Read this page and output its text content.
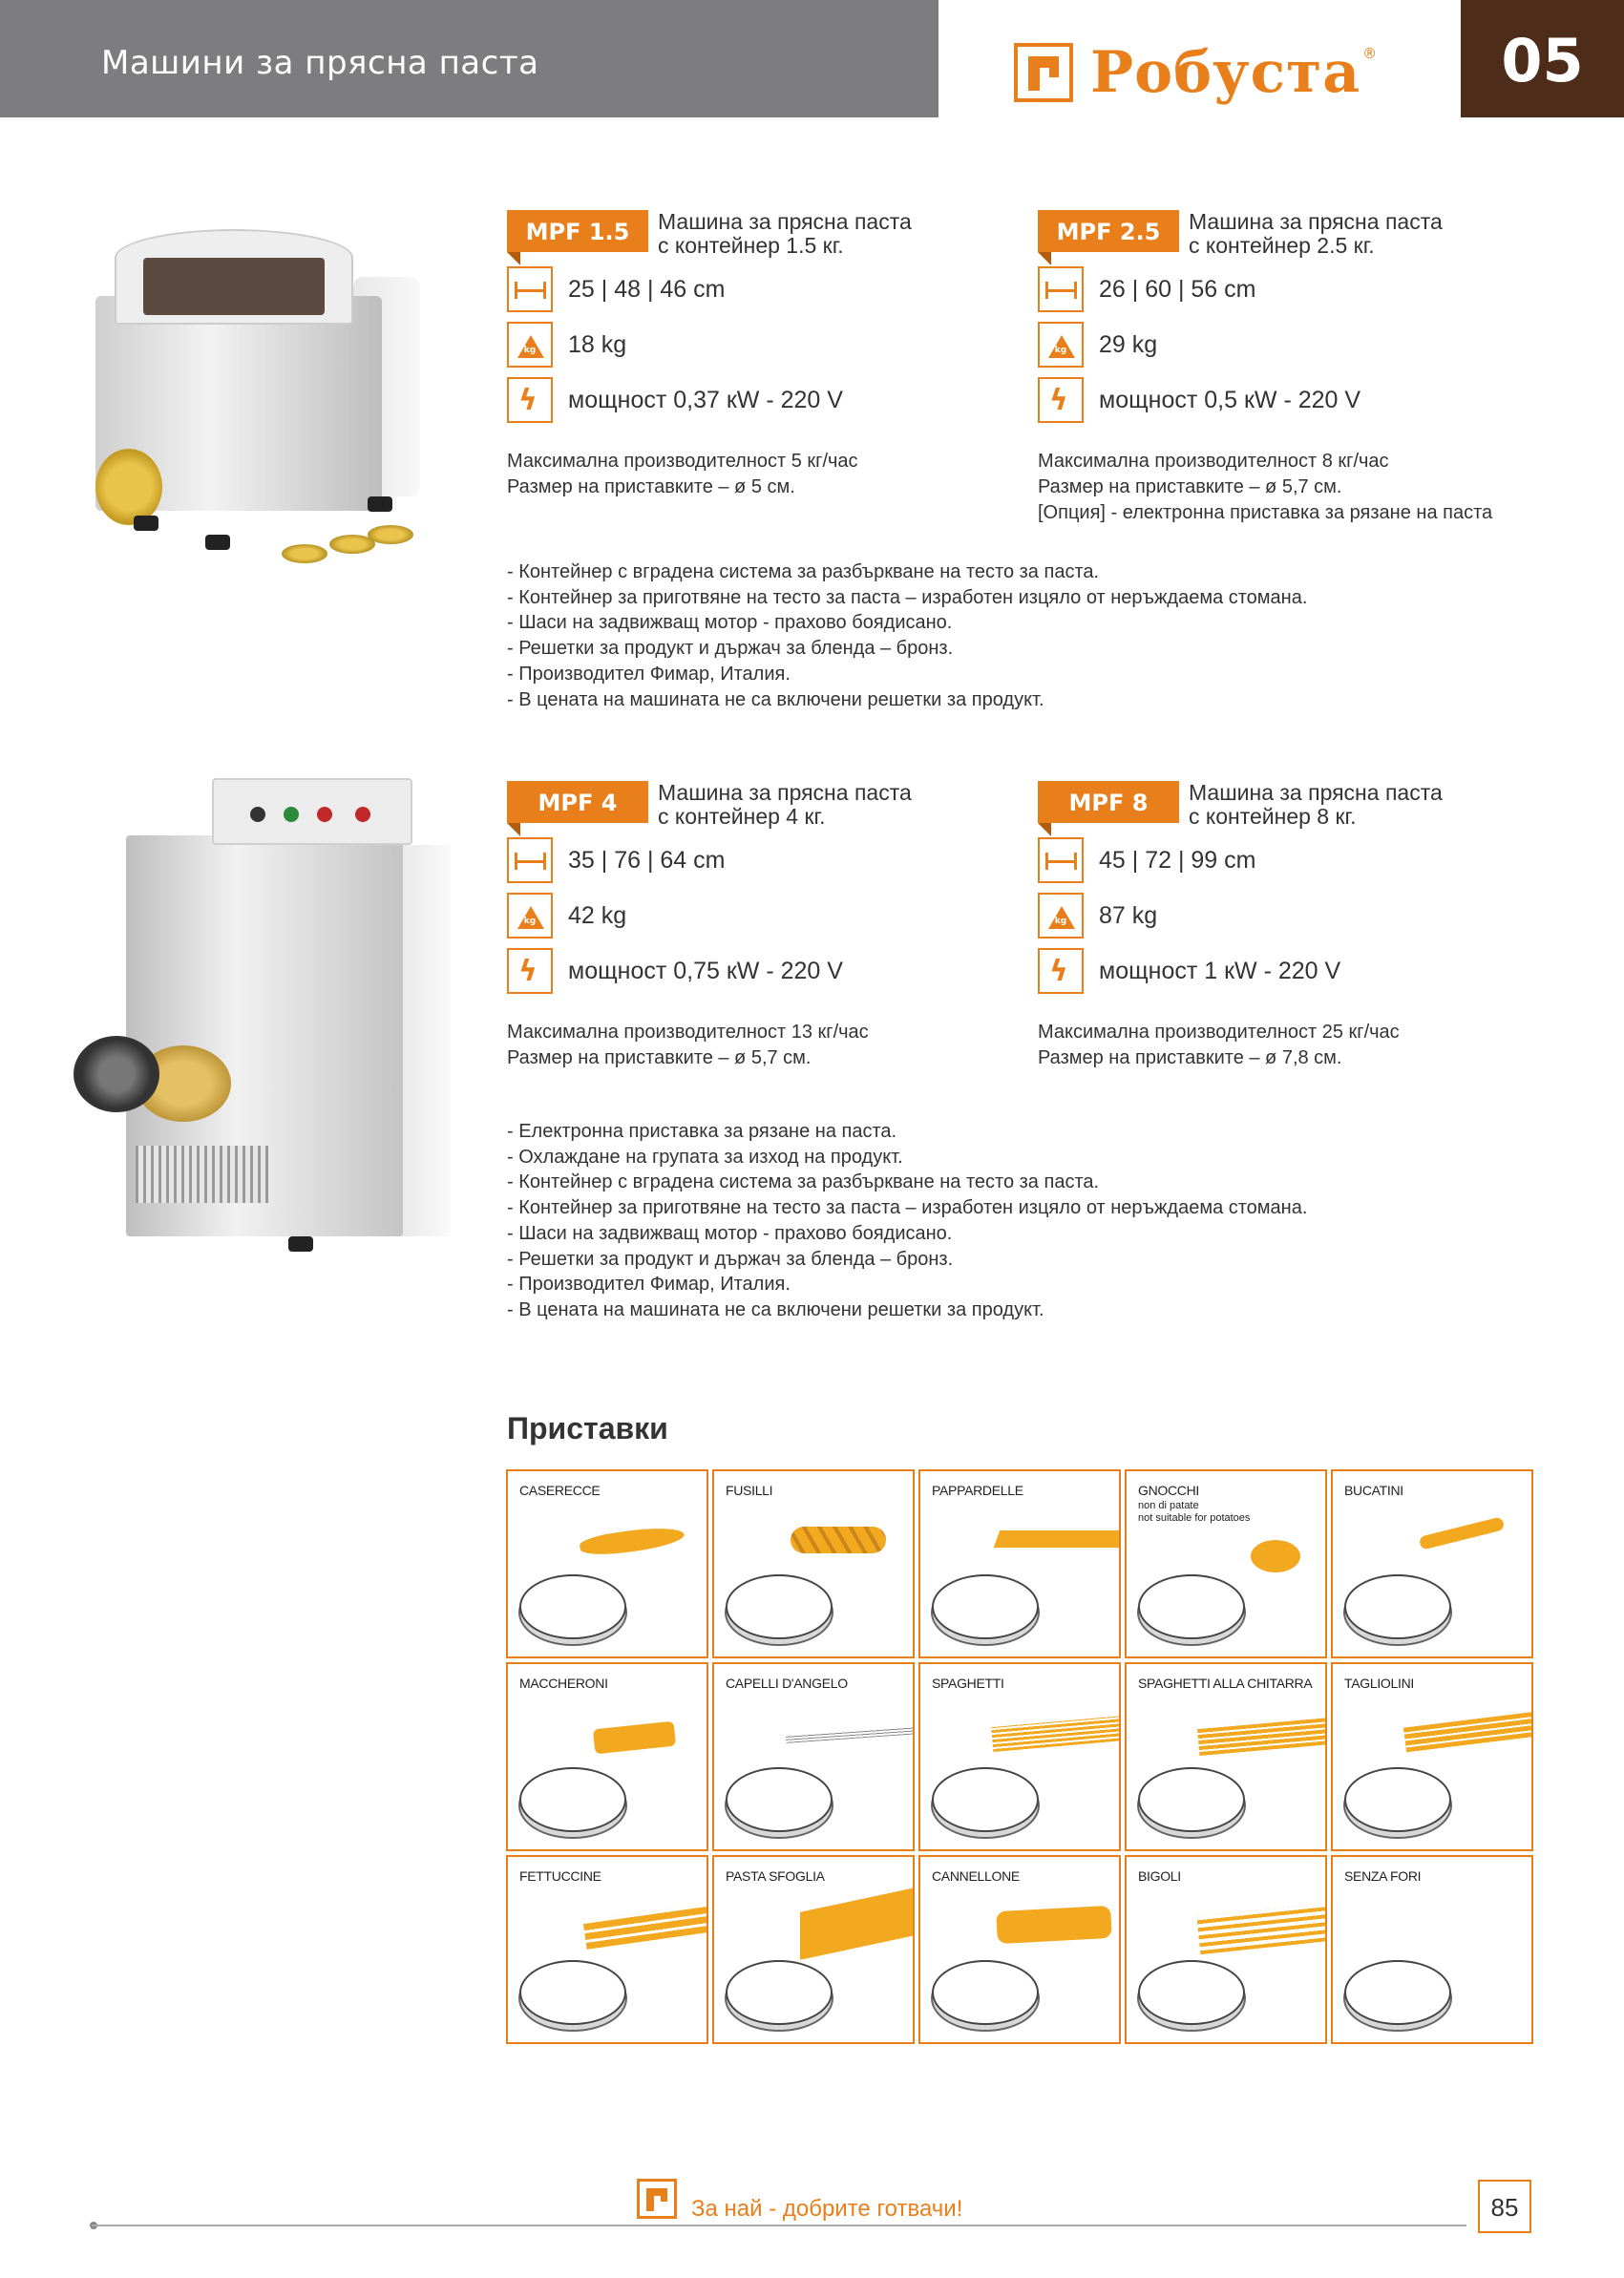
Машини за прясна паста	Робуста ®	05
MPF 1.5	Машина за прясна паста
с контейнер 1.5 кг.
25 | 48 | 46 cm
kg	18 kg
ϟ мощност 0,37 кW - 220 V
Максимална производителност 5 кг/час
Размер на приставките – ø 5 см.
MPF 2.5	Машина за прясна паста
с контейнер 2.5 кг.
26 | 60 | 56 cm
kg	29 kg
ϟ мощност 0,5 кW - 220 V
Максимална производителност 8 кг/час
Размер на приставките – ø 5,7 см.
[Опция] - електронна приставка за рязане на паста
- Контейнер с вградена система за разбъркване на тесто за паста.
- Контейнер за приготвяне на тесто за паста – изработен изцяло от неръждаема стомана.
- Шаси на задвижващ мотор - прахово боядисано.
- Решетки за продукт и държач за бленда – бронз.
- Производител Фимар, Италия.
- В цената на машината не са включени решетки за продукт.
MPF 4	Машина за прясна паста
с контейнер 4 кг.
35 | 76 | 64 cm
kg	42 kg
ϟ мощност 0,75 кW - 220 V
Максимална производителност 13 кг/час
Размер на приставките – ø 5,7 см.
MPF 8	Машина за прясна паста
с контейнер 8 кг.
45 | 72 | 99 cm
kg	87 kg
ϟ мощност 1 кW - 220 V
Максимална производителност 25 кг/час
Размер на приставките – ø 7,8 см.
- Електронна приставка за рязане на паста.
- Охлаждане на групата за изход на продукт.
- Контейнер с вградена система за разбъркване на тесто за паста.
- Контейнер за приготвяне на тесто за паста – изработен изцяло от неръждаема стомана.
- Шаси на задвижващ мотор - прахово боядисано.
- Решетки за продукт и държач за бленда – бронз.
- Производител Фимар, Италия.
- В цената на машината не са включени решетки за продукт.
Приставки
CASERECCE	FUSILLI	PAPPARDELLE	GNOCCHI
non di patate
not suitable for potatoes
BUCATINI
MACCHERONI	CAPELLI D'ANGELO	SPAGHETTI	SPAGHETTI ALLA CHITARRA TAGLIOLINI
FETTUCCINE	PASTA SFOGLIA	CANNELLONE	BIGOLI	SENZA FORI
За най - добрите готвачи!	85
